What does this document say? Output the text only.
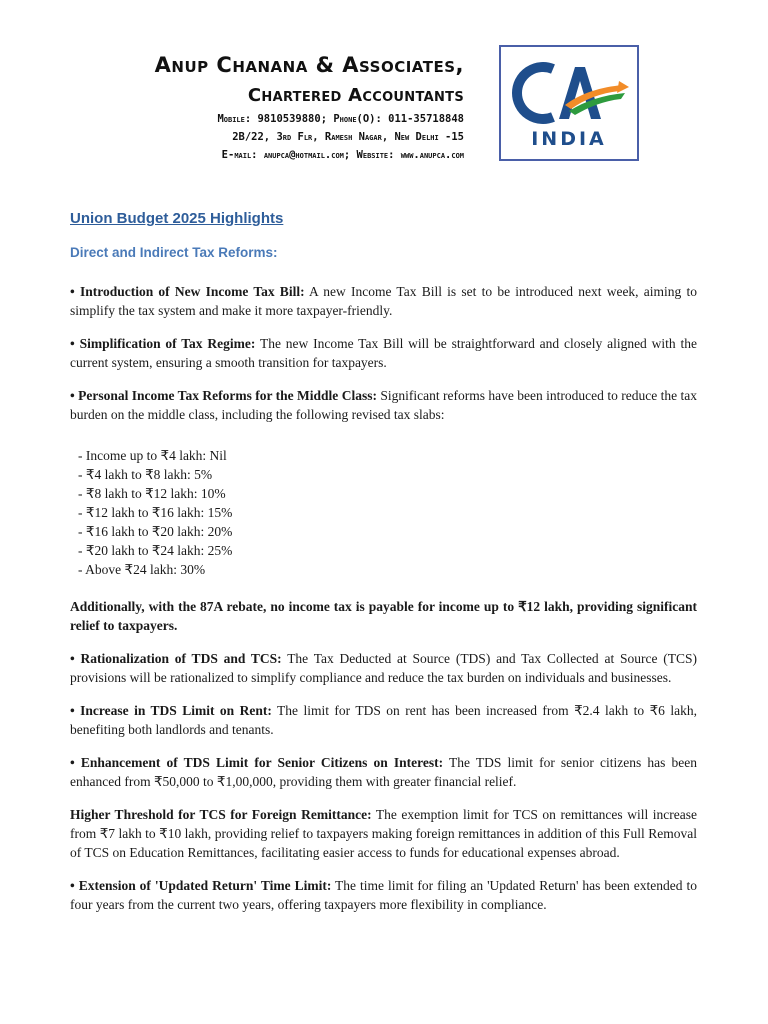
Anup Chanana & Associates,
Chartered Accountants
Mobile: 9810539880; Phone(O): 011-35718848
2B/22, 3rd Flr, Ramesh Nagar, New Delhi -15
E-mail: anupca@hotmail.com; Website: www.anupca.com
INDIA
Union Budget 2025 Highlights
Direct and Indirect Tax Reforms:

• Introduction of New Income Tax Bill: A new Income Tax Bill is set to be introduced next week, aiming to simplify the tax system and make it more taxpayer-friendly.

• Simplification of Tax Regime: The new Income Tax Bill will be straightforward and closely aligned with the current system, ensuring a smooth transition for taxpayers.

• Personal Income Tax Reforms for the Middle Class: Significant reforms have been introduced to reduce the tax burden on the middle class, including the following revised tax slabs:

- Income up to ₹4 lakh: Nil
- ₹4 lakh to ₹8 lakh: 5%
- ₹8 lakh to ₹12 lakh: 10%
- ₹12 lakh to ₹16 lakh: 15%
- ₹16 lakh to ₹20 lakh: 20%
- ₹20 lakh to ₹24 lakh: 25%
- Above ₹24 lakh: 30%

Additionally, with the 87A rebate, no income tax is payable for income up to ₹12 lakh, providing significant relief to taxpayers.

• Rationalization of TDS and TCS: The Tax Deducted at Source (TDS) and Tax Collected at Source (TCS) provisions will be rationalized to simplify compliance and reduce the tax burden on individuals and businesses.

• Increase in TDS Limit on Rent: The limit for TDS on rent has been increased from ₹2.4 lakh to ₹6 lakh, benefiting both landlords and tenants.

• Enhancement of TDS Limit for Senior Citizens on Interest: The TDS limit for senior citizens has been enhanced from ₹50,000 to ₹1,00,000, providing them with greater financial relief.

Higher Threshold for TCS for Foreign Remittance: The exemption limit for TCS on remittances will increase from ₹7 lakh to ₹10 lakh, providing relief to taxpayers making foreign remittances in addition of this Full Removal of TCS on Education Remittances, facilitating easier access to funds for educational expenses abroad.

• Extension of 'Updated Return' Time Limit: The time limit for filing an 'Updated Return' has been extended to four years from the current two years, offering taxpayers more flexibility in compliance.
